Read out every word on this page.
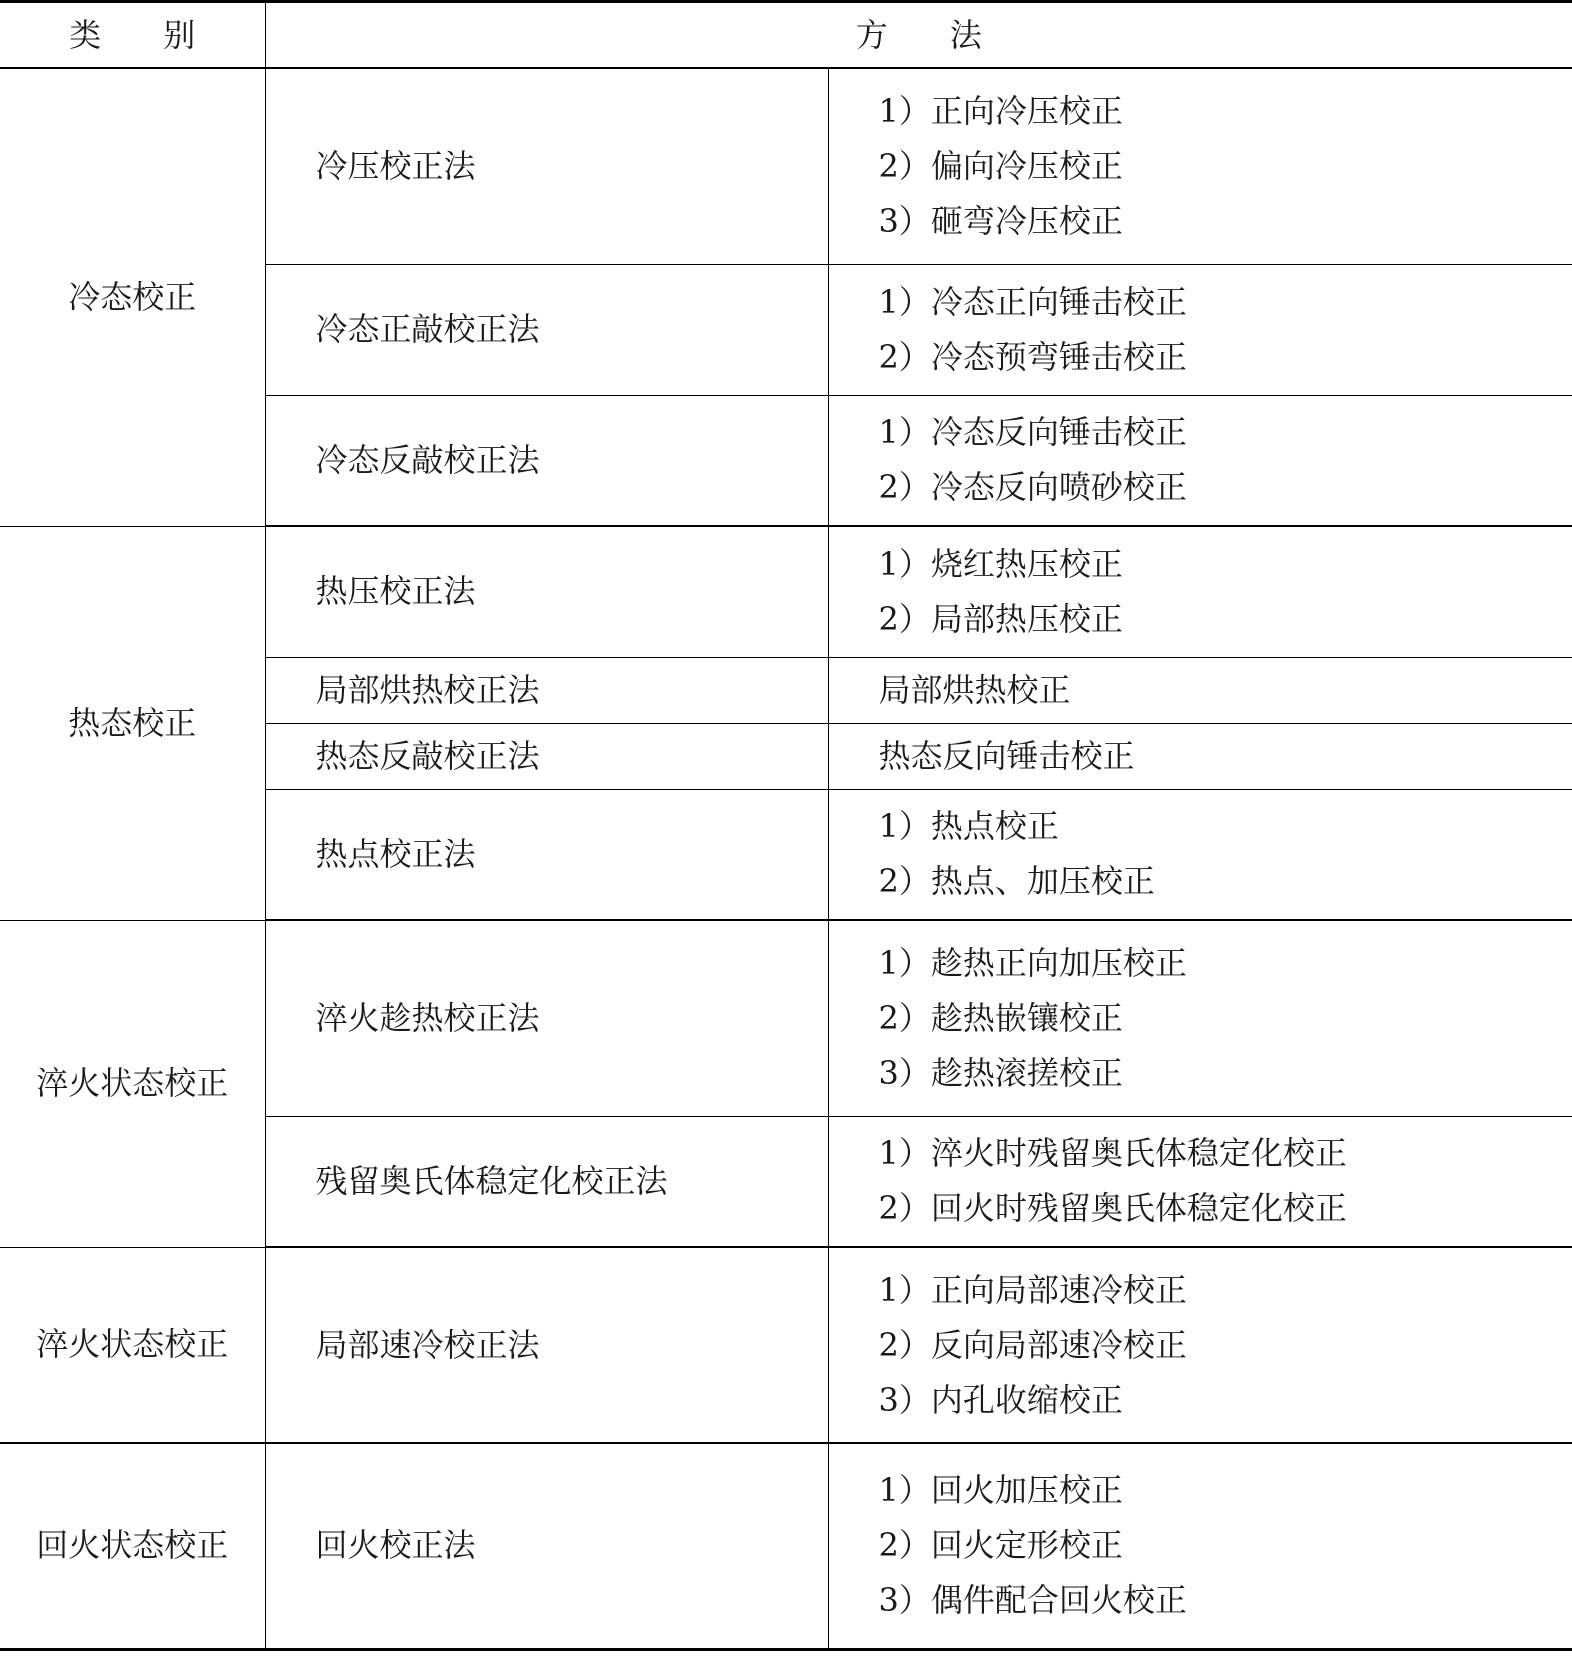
类 别	方 法	
冷态校正	冷压校正法	1）正向冷压校正
2）偏向冷压校正
3）砸弯冷压校正

	冷态正敲校正法	1）冷态正向锤击校正
2）冷态预弯锤击校正

	冷态反敲校正法	1）冷态反向锤击校正
2）冷态反向喷砂校正

热态校正	热压校正法	1）烧红热压校正
2）局部热压校正

	局部烘热校正法	局部烘热校正

	热态反敲校正法	热态反向锤击校正

	热点校正法	1）热点校正
2）热点、加压校正

淬火状态校正	淬火趁热校正法	1）趁热正向加压校正
2）趁热嵌镶校正
3）趁热滚搓校正

	残留奥氏体稳定化校正法	1）淬火时残留奥氏体稳定化校正
2）回火时残留奥氏体稳定化校正

淬火状态校正	局部速冷校正法	1）正向局部速冷校正
2）反向局部速冷校正
3）内孔收缩校正

回火状态校正	回火校正法	1）回火加压校正
2）回火定形校正
3）偶件配合回火校正
